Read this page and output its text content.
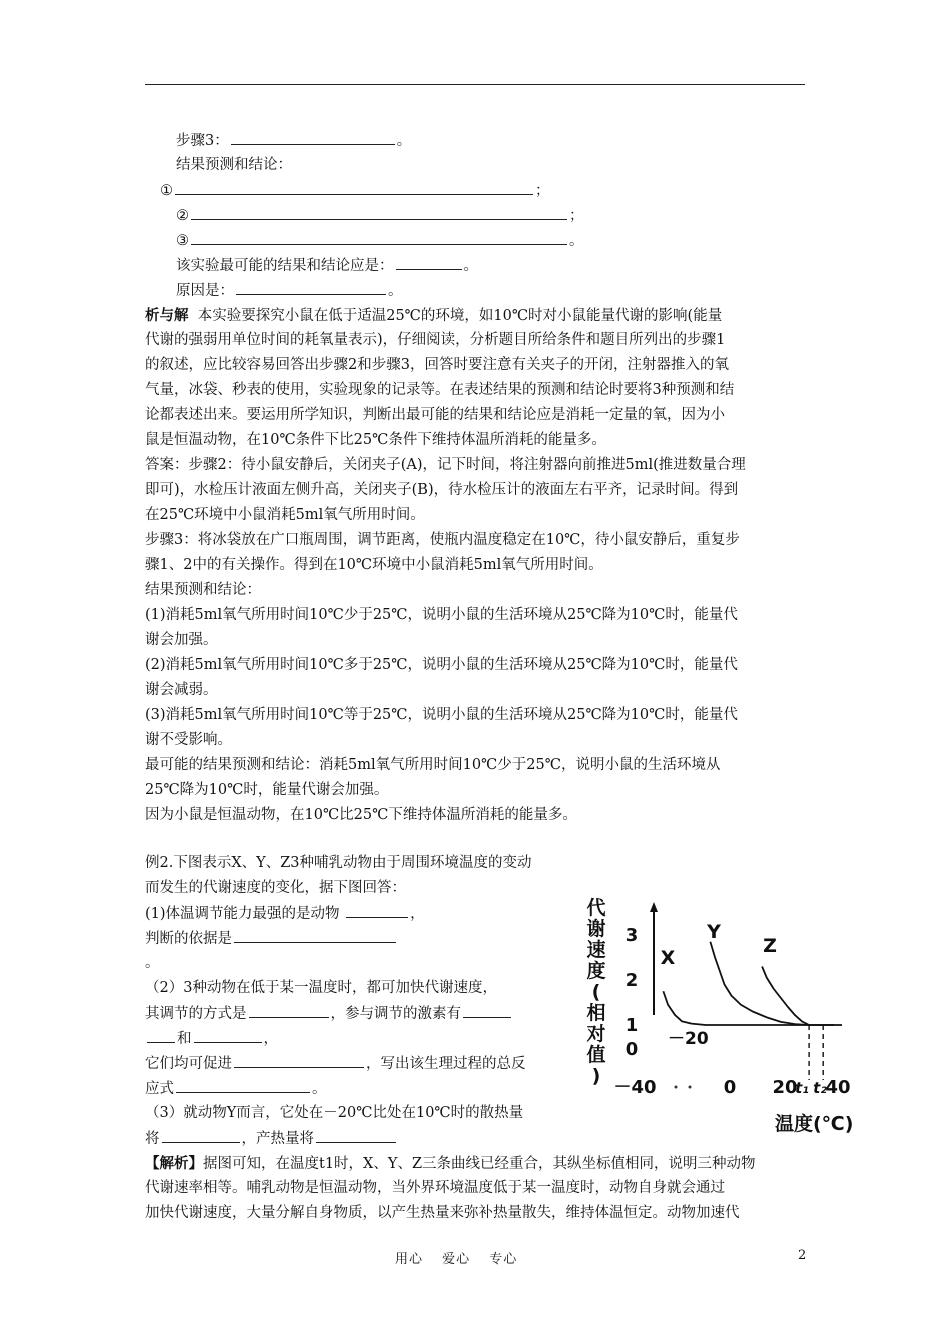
步骤3：	。
结果预测和结论：
①	；
②	；
③	。
该实验最可能的结果和结论应是：	。
原因是：	。
析与解 本实验要探究小鼠在低于适温25℃的环境，如10℃时对小鼠能量代谢的影响(能量
代谢的强弱用单位时间的耗氧量表示)，仔细阅读，分析题目所给条件和题目所列出的步骤1
的叙述，应比较容易回答出步骤2和步骤3，回答时要注意有关夹子的开闭，注射器推入的氧
气量，冰袋、秒表的使用，实验现象的记录等。在表述结果的预测和结论时要将3种预测和结
论都表述出来。要运用所学知识，判断出最可能的结果和结论应是消耗一定量的氧，因为小
鼠是恒温动物，在10℃条件下比25℃条件下维持体温所消耗的能量多。
答案：步骤2：待小鼠安静后，关闭夹子(A)，记下时间，将注射器向前推进5ml(推进数量合理
即可)，水检压计液面左侧升高，关闭夹子(B)，待水检压计的液面左右平齐，记录时间。得到
在25℃环境中小鼠消耗5ml氧气所用时间。
步骤3：将冰袋放在广口瓶周围，调节距离，使瓶内温度稳定在10℃，待小鼠安静后，重复步
骤1、2中的有关操作。得到在10℃环境中小鼠消耗5ml氧气所用时间。
结果预测和结论：
(1)消耗5ml氧气所用时间10℃少于25℃，说明小鼠的生活环境从25℃降为10℃时，能量代
谢会加强。
(2)消耗5ml氧气所用时间10℃多于25℃，说明小鼠的生活环境从25℃降为10℃时，能量代
谢会减弱。
(3)消耗5ml氧气所用时间10℃等于25℃，说明小鼠的生活环境从25℃降为10℃时，能量代
谢不受影响。
最可能的结果预测和结论：消耗5ml氧气所用时间10℃少于25℃，说明小鼠的生活环境从
25℃降为10℃时，能量代谢会加强。
因为小鼠是恒温动物，在10℃比25℃下维持体温所消耗的能量多。
例2.下图表示X、Y、Z3种哺乳动物由于周围环境温度的变动
而发生的代谢速度的变化，据下图回答：
(1)体温调节能力最强的是动物	，
判断的依据是
。
（2）3种动物在低于某一温度时，都可加快代谢速度，
其调节的方式是	，参与调节的激素有
和	，
它们均可促进	，写出该生理过程的总反
应式	。
（3）就动物Y而言，它处在－20℃比处在10℃时的散热量
将	，产热量将
【解析】据图可知，在温度t1时，X、Y、Z三条曲线已经重合，其纵坐标值相同，说明三种动物
代谢速率相等。哺乳动物是恒温动物，当外界环境温度低于某一温度时，动物自身就会通过
加快代谢速度，大量分解自身物质，以产生热量来弥补热量散失，维持体温恒定。动物加速代
代
谢
速
度
(
相
对
值
)
3
2
1
0
－40	0 20 40
t₁ t₂
X
Y
Z
－20
温度(℃)
用心　 爱心　 专心	2
